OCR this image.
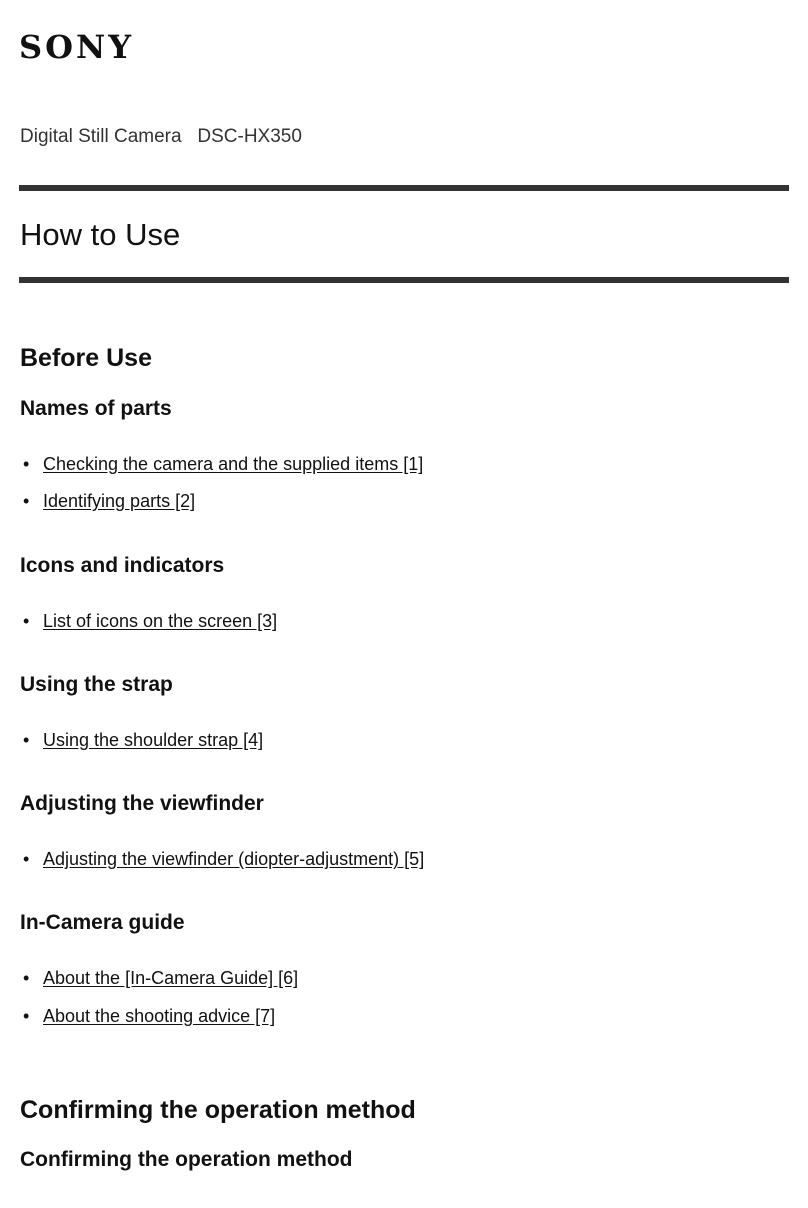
SONY
Digital Still Camera DSC-HX350
How to Use
Before Use
Names of parts
• Checking the camera and the supplied items [1]
• Identifying parts [2]
Icons and indicators
• List of icons on the screen [3]
Using the strap
• Using the shoulder strap [4]
Adjusting the viewfinder
• Adjusting the viewfinder (diopter-adjustment) [5]
In-Camera guide
• About the [In-Camera Guide] [6]
• About the shooting advice [7]
Confirming the operation method
Confirming the operation method
